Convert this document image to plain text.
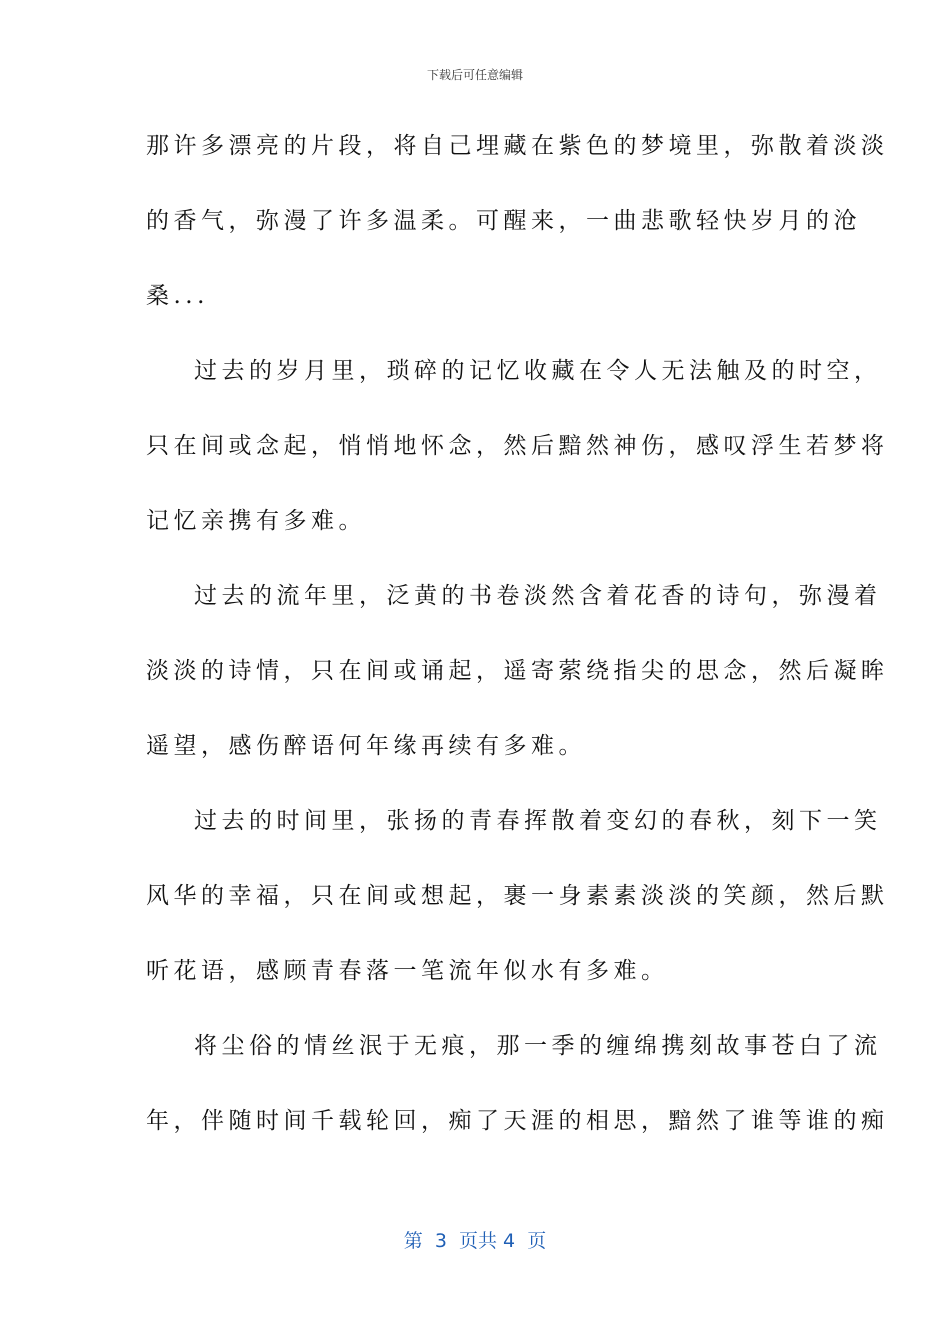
下载后可任意编辑
那许多漂亮的片段，将自己埋藏在紫色的梦境里，弥散着淡淡
的香气，弥漫了许多温柔。可醒来，一曲悲歌轻快岁月的沧
桑...
过去的岁月里，琐碎的记忆收藏在令人无法触及的时空，
只在间或念起，悄悄地怀念，然后黯然神伤，感叹浮生若梦将
记忆亲携有多难。
过去的流年里，泛黄的书卷淡然含着花香的诗句，弥漫着
淡淡的诗情，只在间或诵起，遥寄萦绕指尖的思念，然后凝眸
遥望，感伤醉语何年缘再续有多难。
过去的时间里，张扬的青春挥散着变幻的春秋，刻下一笑
风华的幸福，只在间或想起，裹一身素素淡淡的笑颜，然后默
听花语，感顾青春落一笔流年似水有多难。
将尘俗的情丝泯于无痕，那一季的缠绵携刻故事苍白了流
年，伴随时间千载轮回，痴了天涯的相思，黯然了谁等谁的痴
第  3  页共 4  页
